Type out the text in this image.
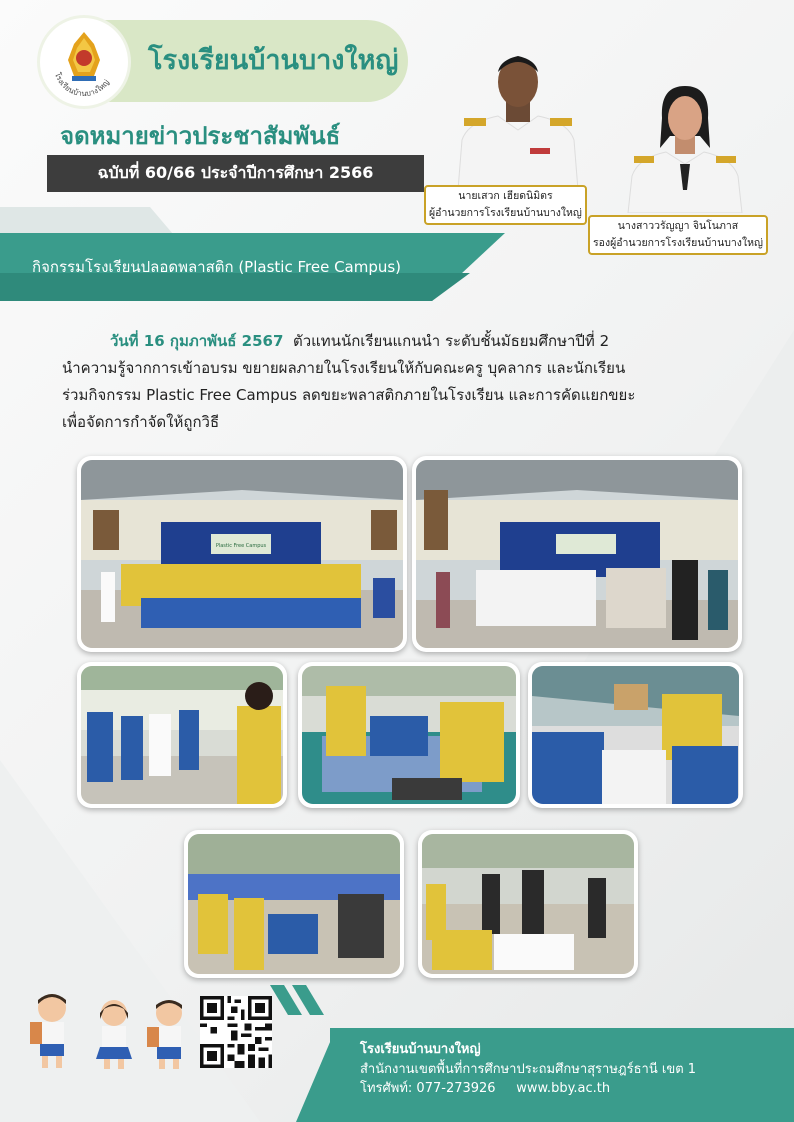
โรงเรียนบ้านบางใหญ่
โรงเรียนบ้านบางใหญ่
จดหมายข่าวประชาสัมพันธ์
ฉบับที่ 60/66 ประจำปีการศึกษา 2566
นายเสวก เฮียดนิมิตร
ผู้อำนวยการโรงเรียนบ้านบางใหญ่
นางสาววรัญญา จินโนภาส
รองผู้อำนวยการโรงเรียนบ้านบางใหญ่
กิจกรรมโรงเรียนปลอดพลาสติก (Plastic Free Campus)

วันที่ 16 กุมภาพันธ์ 2567  ตัวแทนนักเรียนแกนนำ ระดับชั้นมัธยมศึกษาปีที่ 2

นำความรู้จากการเข้าอบรม ขยายผลภายในโรงเรียนให้กับคณะครู บุคลากร และนักเรียน

ร่วมกิจกรรม Plastic Free Campus ลดขยะพลาสติกภายในโรงเรียน และการคัดแยกขยะ

เพื่อจัดการกำจัดให้ถูกวิธี

Plastic Free Campus
โรงเรียนบ้านบางใหญ่
สำนักงานเขตพื้นที่การศึกษาประถมศึกษาสุราษฎร์ธานี เขต 1
โทรศัพท์: 077-273926     www.bby.ac.th
